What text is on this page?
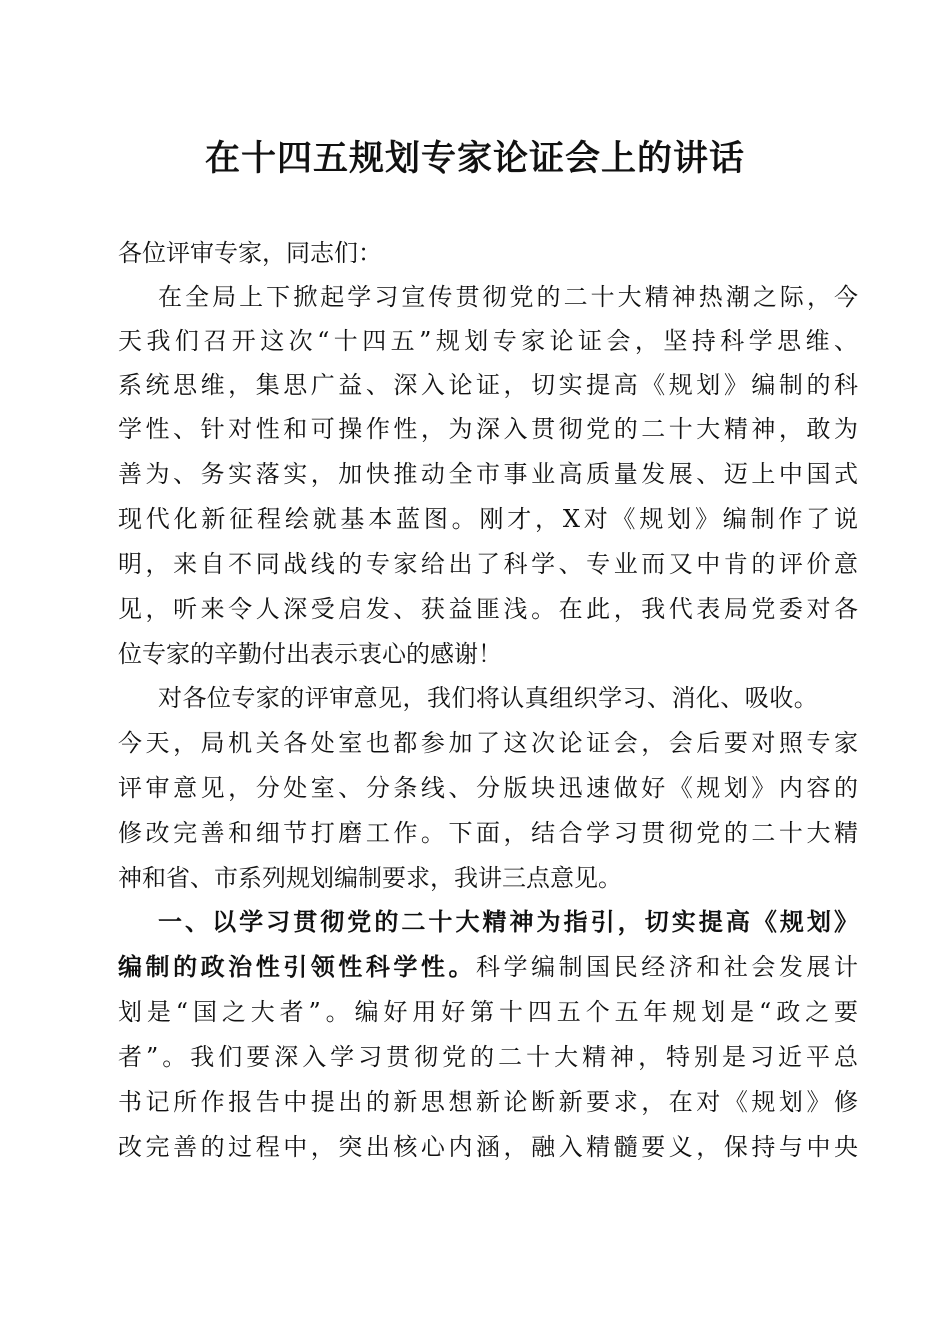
在十四五规划专家论证会上的讲话
各位评审专家，同志们：
在全局上下掀起学习宣传贯彻党的二十大精神热潮之际，今
天我们召开这次“十四五”规划专家论证会，坚持科学思维、
系统思维，集思广益、深入论证，切实提高《规划》编制的科
学性、针对性和可操作性，为深入贯彻党的二十大精神，敢为
善为、务实落实，加快推动全市事业高质量发展、迈上中国式
现代化新征程绘就基本蓝图。刚才，X对《规划》编制作了说
明，来自不同战线的专家给出了科学、专业而又中肯的评价意
见，听来令人深受启发、获益匪浅。在此，我代表局党委对各
位专家的辛勤付出表示衷心的感谢！
对各位专家的评审意见，我们将认真组织学习、消化、吸收。
今天，局机关各处室也都参加了这次论证会，会后要对照专家
评审意见，分处室、分条线、分版块迅速做好《规划》内容的
修改完善和细节打磨工作。下面，结合学习贯彻党的二十大精
神和省、市系列规划编制要求，我讲三点意见。
一、以学习贯彻党的二十大精神为指引，切实提高《规划》
编制的政治性引领性科学性。科学编制国民经济和社会发展计
划是“国之大者”。编好用好第十四五个五年规划是“政之要
者”。我们要深入学习贯彻党的二十大精神，特别是习近平总
书记所作报告中提出的新思想新论断新要求，在对《规划》修
改完善的过程中，突出核心内涵，融入精髓要义，保持与中央
